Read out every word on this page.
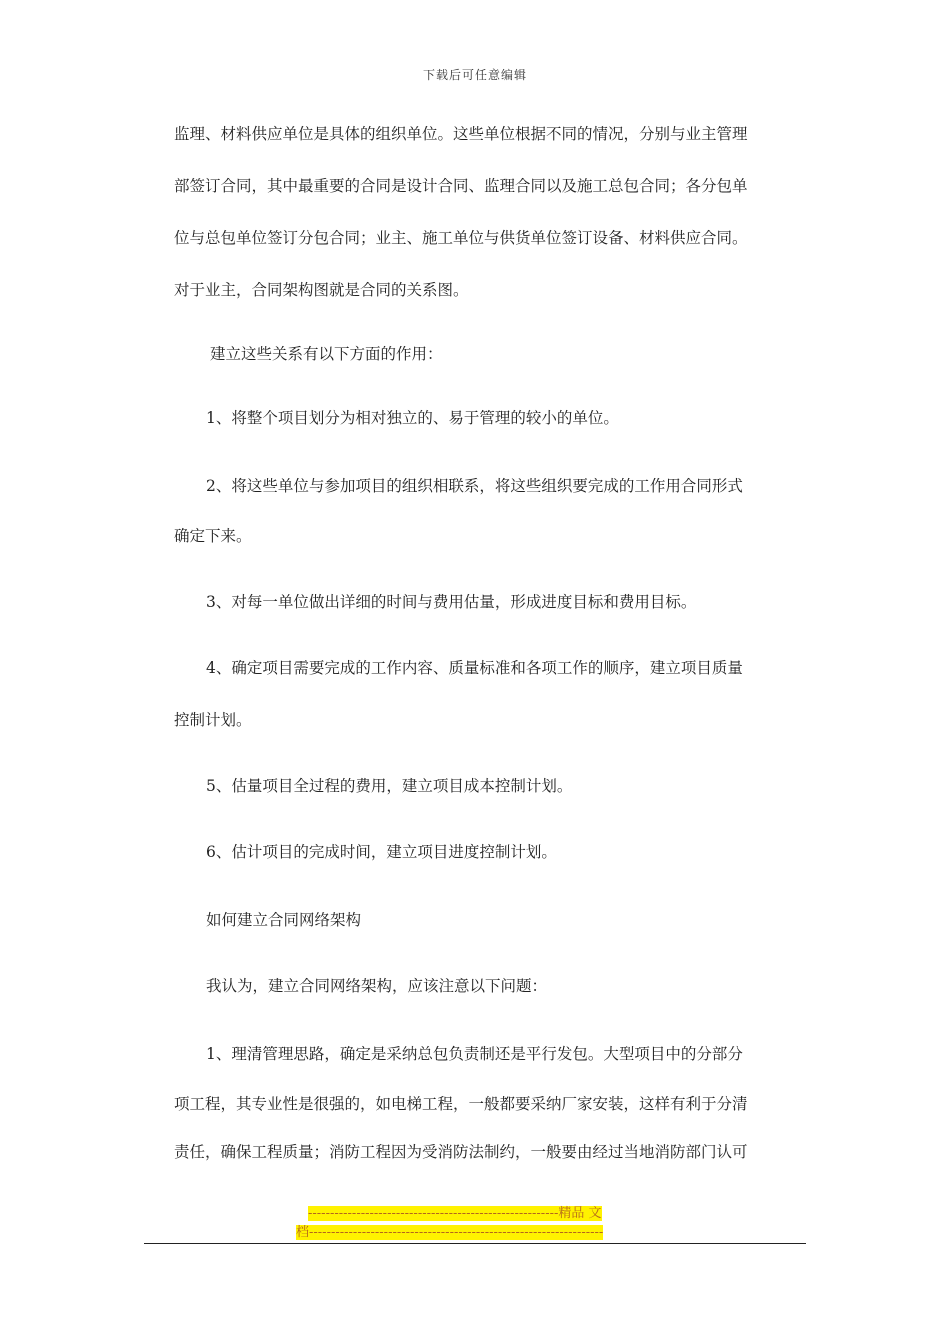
下载后可任意编辑

监理、材料供应单位是具体的组织单位。这些单位根据不同的情况，分别与业主管理

部签订合同，其中最重要的合同是设计合同、监理合同以及施工总包合同；各分包单

位与总包单位签订分包合同；业主、施工单位与供货单位签订设备、材料供应合同。

对于业主，合同架构图就是合同的关系图。

建立这些关系有以下方面的作用：

1、将整个项目划分为相对独立的、易于管理的较小的单位。

2、将这些单位与参加项目的组织相联系，将这些组织要完成的工作用合同形式

确定下来。

3、对每一单位做出详细的时间与费用估量，形成进度目标和费用目标。

4、确定项目需要完成的工作内容、质量标准和各项工作的顺序，建立项目质量

控制计划。

5、估量项目全过程的费用，建立项目成本控制计划。

6、估计项目的完成时间，建立项目进度控制计划。

如何建立合同网络架构

我认为，建立合同网络架构，应该注意以下问题：

1、理清管理思路，确定是采纳总包负责制还是平行发包。大型项目中的分部分

项工程，其专业性是很强的，如电梯工程，一般都要采纳厂家安装，这样有利于分清

责任，确保工程质量；消防工程因为受消防法制约，一般要由经过当地消防部门认可

---------------------------------------------------------精品 文
档-------------------------------------------------------------------
